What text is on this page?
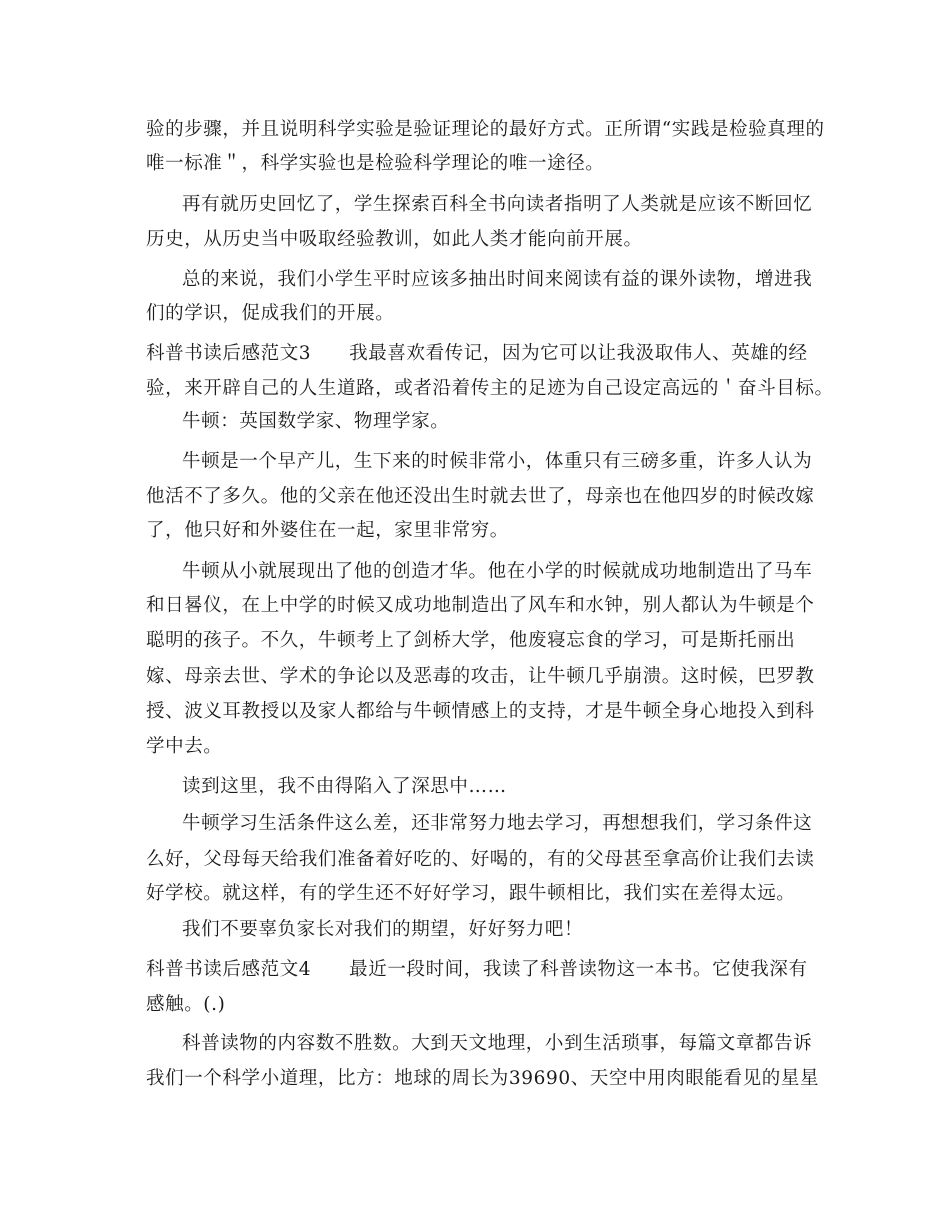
验的步骤，并且说明科学实验是验证理论的最好方式。正所谓“实践是检验真理的
唯一标准＂，科学实验也是检验科学理论的唯一途径。
再有就历史回忆了，学生探索百科全书向读者指明了人类就是应该不断回忆
历史，从历史当中吸取经验教训，如此人类才能向前开展。
总的来说，我们小学生平时应该多抽出时间来阅读有益的课外读物，增进我
们的学识，促成我们的开展。
科普书读后感范文3 我最喜欢看传记，因为它可以让我汲取伟人、英雄的经
验，来开辟自己的人生道路，或者沿着传主的足迹为自己设定高远的＇奋斗目标。
牛顿：英国数学家、物理学家。
牛顿是一个早产儿，生下来的时候非常小，体重只有三磅多重，许多人认为
他活不了多久。他的父亲在他还没出生时就去世了，母亲也在他四岁的时候改嫁
了，他只好和外婆住在一起，家里非常穷。
牛顿从小就展现出了他的创造才华。他在小学的时候就成功地制造出了马车
和日晷仪，在上中学的时候又成功地制造出了风车和水钟，别人都认为牛顿是个
聪明的孩子。不久，牛顿考上了剑桥大学，他废寝忘食的学习，可是斯托丽出
嫁、母亲去世、学术的争论以及恶毒的攻击，让牛顿几乎崩溃。这时候，巴罗教
授、波义耳教授以及家人都给与牛顿情感上的支持，才是牛顿全身心地投入到科
学中去。
读到这里，我不由得陷入了深思中……
牛顿学习生活条件这么差，还非常努力地去学习，再想想我们，学习条件这
么好，父母每天给我们准备着好吃的、好喝的，有的父母甚至拿高价让我们去读
好学校。就这样，有的学生还不好好学习，跟牛顿相比，我们实在差得太远。
我们不要辜负家长对我们的期望，好好努力吧！
科普书读后感范文4 最近一段时间，我读了科普读物这一本书。它使我深有
感触。(.)
科普读物的内容数不胜数。大到天文地理，小到生活琐事，每篇文章都告诉
我们一个科学小道理，比方：地球的周长为39690、天空中用肉眼能看见的星星
